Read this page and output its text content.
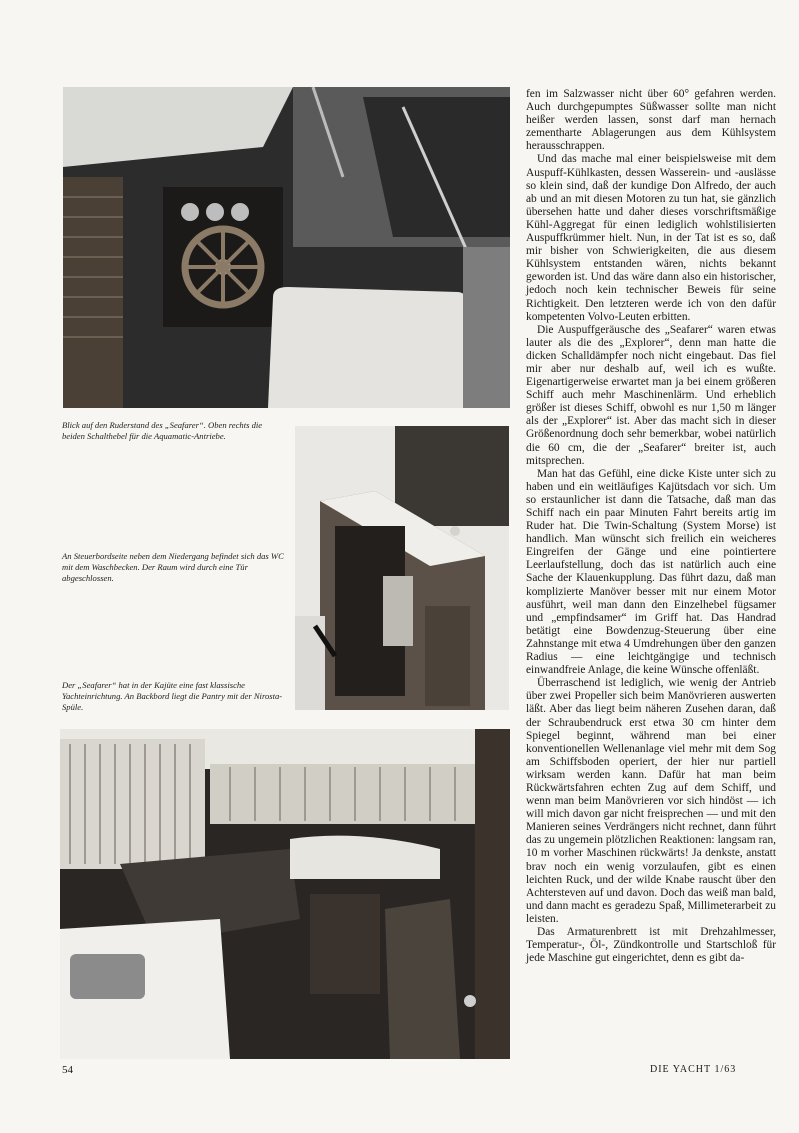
Blick auf den Ruderstand des „Seafarer“. Oben rechts die beiden Schalthebel für die Aquamatic-Antriebe.
An Steuerbordseite neben dem Niedergang befindet sich das WC mit dem Waschbecken. Der Raum wird durch eine Tür abgeschlossen.
Der „Seafarer“ hat in der Kajüte eine fast klassische Yachteinrichtung. An Backbord liegt die Pantry mit der Nirosta-Spüle.

fen im Salzwasser nicht über 60° gefahren werden. Auch durchgepumptes Süßwasser sollte man nicht heißer werden lassen, sonst darf man hernach zementharte Ablagerungen aus dem Kühlsystem herausschrappen.

Und das mache mal einer beispielsweise mit dem Auspuff-Kühlkasten, dessen Wasserein- und -auslässe so klein sind, daß der kundige Don Alfredo, der auch ab und an mit diesen Motoren zu tun hat, sie gänzlich übersehen hatte und daher dieses vorschriftsmäßige Kühl-Aggregat für einen lediglich wohlstilisierten Auspuffkrümmer hielt. Nun, in der Tat ist es so, daß mir bisher von Schwierigkeiten, die aus diesem Kühlsystem entstanden wären, nichts bekannt geworden ist. Und das wäre dann also ein historischer, jedoch noch kein technischer Beweis für seine Richtigkeit. Den letzteren werde ich von den dafür kompetenten Volvo-Leuten erbitten.

Die Auspuffgeräusche des „Seafarer“ waren etwas lauter als die des „Explorer“, denn man hatte die dicken Schalldämpfer noch nicht eingebaut. Das fiel mir aber nur deshalb auf, weil ich es wußte. Eigenartigerweise erwartet man ja bei einem größeren Schiff auch mehr Maschinenlärm. Und erheblich größer ist dieses Schiff, obwohl es nur 1,50 m länger als der „Explorer“ ist. Aber das macht sich in dieser Größenordnung doch sehr bemerkbar, wobei natürlich die 60 cm, die der „Seafarer“ breiter ist, auch mitsprechen.

Man hat das Gefühl, eine dicke Kiste unter sich zu haben und ein weitläufiges Kajütsdach vor sich. Um so erstaunlicher ist dann die Tatsache, daß man das Schiff nach ein paar Minuten Fahrt bereits artig im Ruder hat. Die Twin-Schaltung (System Morse) ist handlich. Man wünscht sich freilich ein weicheres Eingreifen der Gänge und eine pointiertere Leerlaufstellung, doch das ist natürlich auch eine Sache der Klauenkupplung. Das führt dazu, daß man komplizierte Manöver besser mit nur einem Motor ausführt, weil man dann den Einzelhebel fügsamer und „empfindsamer“ im Griff hat. Das Handrad betätigt eine Bowdenzug-Steuerung über eine Zahnstange mit etwa 4 Umdrehungen über den ganzen Radius — eine leichtgängige und technisch einwandfreie Anlage, die keine Wünsche offenläßt.

Überraschend ist lediglich, wie wenig der Antrieb über zwei Propeller sich beim Manövrieren auswerten läßt. Aber das liegt beim näheren Zusehen daran, daß der Schraubendruck erst etwa 30 cm hinter dem Spiegel beginnt, während man bei einer konventionellen Wellenanlage viel mehr mit dem Sog am Schiffsboden operiert, der hier nur partiell wirksam werden kann. Dafür hat man beim Rückwärtsfahren echten Zug auf dem Schiff, und wenn man beim Manövrieren vor sich hindöst — ich will mich davon gar nicht freisprechen — und mit den Manieren seines Verdrängers nicht rechnet, dann führt das zu ungemein plötzlichen Reaktionen: langsam ran, 10 m vorher Maschinen rückwärts! Ja denkste, anstatt brav noch ein wenig vorzulaufen, gibt es einen leichten Ruck, und der wilde Knabe rauscht über den Achtersteven auf und davon. Doch das weiß man bald, und dann macht es geradezu Spaß, Millimeterarbeit zu leisten.

Das Armaturenbrett ist mit Drehzahlmesser, Temperatur-, Öl-, Zündkontrolle und Startschloß für jede Maschine gut eingerichtet, denn es gibt da-

54	DIE YACHT 1/63
